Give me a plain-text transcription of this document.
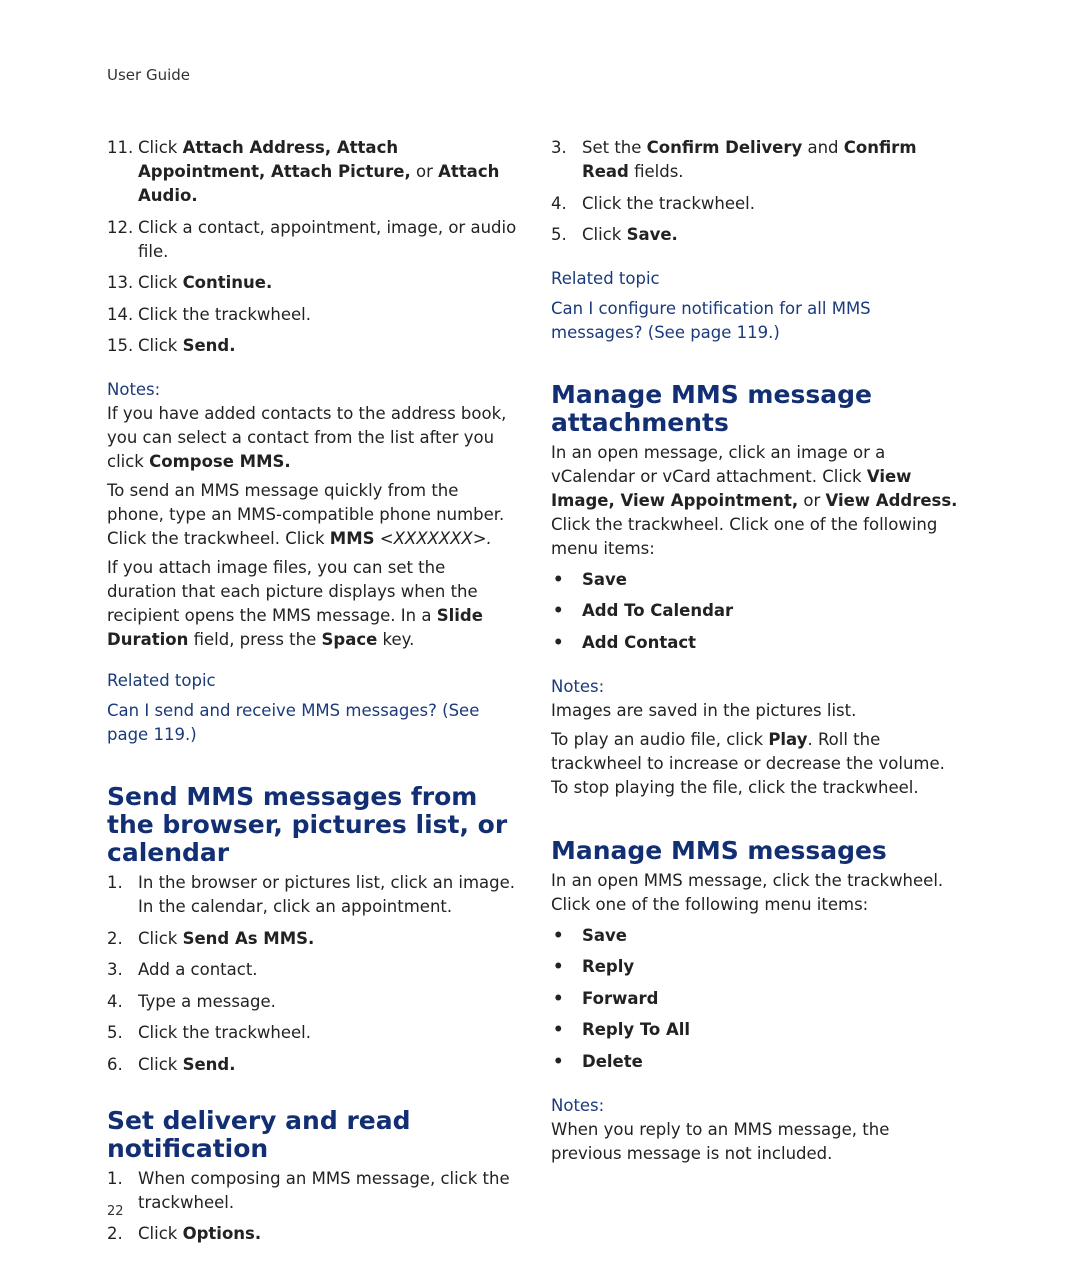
User Guide
11. Click Attach Address, Attach Appointment, Attach Picture, or Attach Audio.
12. Click a contact, appointment, image, or audio file.
13. Click Continue.
14. Click the trackwheel.
15. Click Send.
Notes:

If you have added contacts to the address book, you can select a contact from the list after you click Compose MMS.

To send an MMS message quickly from the phone, type an MMS-compatible phone number. Click the trackwheel. Click MMS <XXXXXXX>.

If you attach image files, you can set the duration that each picture displays when the recipient opens the MMS message. In a Slide Duration field, press the Space key.

Related topic
Can I send and receive MMS messages? (See page 119.)
Send MMS messages from the browser, pictures list, or calendar
1. In the browser or pictures list, click an image. In the calendar, click an appointment.
2. Click Send As MMS.
3. Add a contact.
4. Type a message.
5. Click the trackwheel.
6. Click Send.
Set delivery and read notification
1. When composing an MMS message, click the trackwheel.
2. Click Options.
3. Set the Confirm Delivery and Confirm Read fields.
4. Click the trackwheel.
5. Click Save.
Related topic
Can I configure notification for all MMS messages? (See page 119.)
Manage MMS message attachments

In an open message, click an image or a vCalendar or vCard attachment. Click View Image, View Appointment, or View Address. Click the trackwheel. Click one of the following menu items:

• Save
• Add To Calendar
• Add Contact
Notes:

Images are saved in the pictures list.

To play an audio file, click Play. Roll the trackwheel to increase or decrease the volume. To stop playing the file, click the trackwheel.

Manage MMS messages

In an open MMS message, click the trackwheel. Click one of the following menu items:

• Save
• Reply
• Forward
• Reply To All
• Delete
Notes:

When you reply to an MMS message, the previous message is not included.

22
